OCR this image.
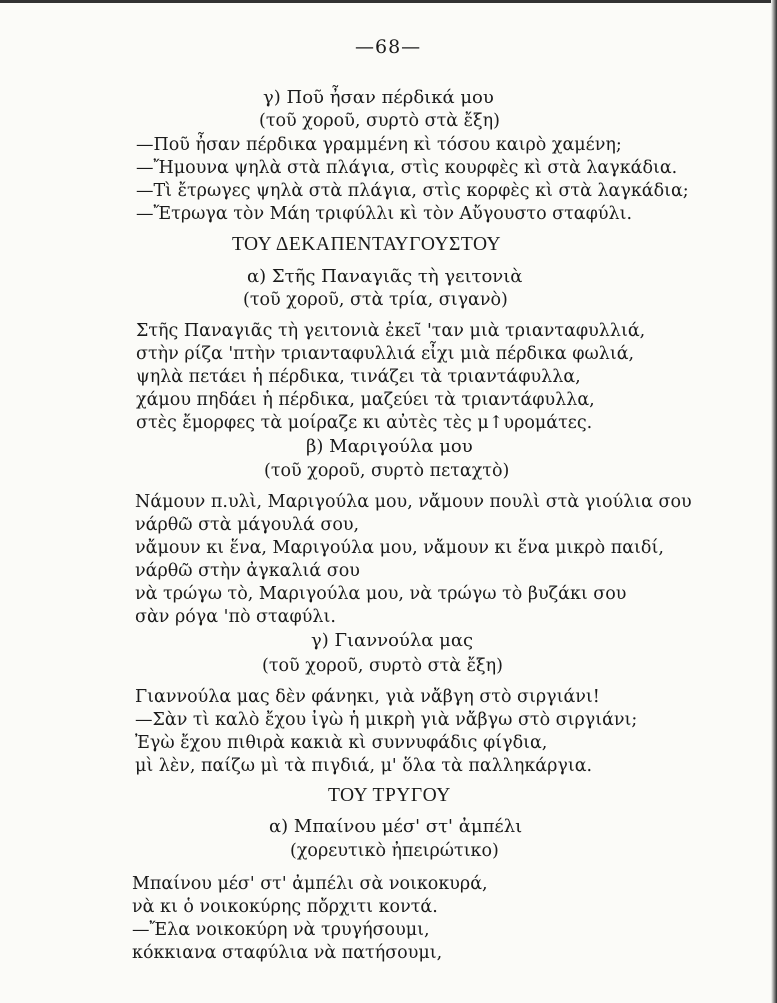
—68—
γ) Ποῦ ἦσαν πέρδικά μου
(τοῦ χοροῦ, συρτὸ στὰ ἔξη)
—Ποῦ ἦσαν πέρδικα γραμμένη κὶ τόσου καιρὸ χαμένη;
—Ἤμουνα ψηλὰ στὰ πλάγια, στὶς κουρφὲς κὶ στὰ λαγκάδια.
—Τὶ ἔτρωγες ψηλὰ στὰ πλάγια, στὶς κορφὲς κὶ στὰ λαγκάδια;
—Ἔτρωγα τὸν Μάη τριφύλλι κὶ τὸν Αὔγουστο σταφύλι.
ΤΟΥ ΔΕΚΑΠΕΝΤΑΥΓΟΥΣΤΟΥ
α) Στῆς Παναγιᾶς τὴ γειτονιὰ
(τοῦ χοροῦ, στὰ τρία, σιγανὸ)
Στῆς Παναγιᾶς τὴ γειτονιὰ ἐκεῖ 'ταν μιὰ τριανταφυλλιά,
στὴν ρίζα 'πτὴν τριανταφυλλιά εἶχι μιὰ πέρδικα φωλιά,
ψηλὰ πετάει ἡ πέρδικα, τινάζει τὰ τριαντάφυλλα,
χάμου πηδάει ἡ πέρδικα, μαζεύει τὰ τριαντάφυλλα,
στὲς ἔμορφες τὰ μοίραζε κι αὐτὲς τὲς μ↑υρομάτες.
β) Μαριγούλα μου
(τοῦ χοροῦ, συρτὸ πεταχτὸ)
Νάμουν π.υλὶ, Μαριγούλα μου, νἄμουν πουλὶ στὰ γιούλια σου
νάρθῶ στὰ μάγουλά σου,
νἄμουν κι ἕνα, Μαριγούλα μου, νἄμουν κι ἕνα μικρὸ παιδί,
νάρθῶ στὴν ἀγκαλιά σου
νὰ τρώγω τὸ, Μαριγούλα μου, νὰ τρώγω τὸ βυζάκι σου
σὰν ρόγα 'πὸ σταφύλι.
γ) Γιαννούλα μας
(τοῦ χοροῦ, συρτὸ στὰ ἔξη)
Γιαννούλα μας δὲν φάνηκι, γιὰ νἄβγη στὸ σιργιάνι!
—Σὰν τὶ καλὸ ἔχου ἰγὼ ἡ μικρὴ γιὰ νἄβγω στὸ σιργιάνι;
Ἐγὼ ἔχου πιθιρὰ κακιὰ κὶ συννυφάδις φίγδια,
μὶ λὲν, παίζω μὶ τὰ πιγδιά, μ' ὅλα τὰ παλληκάργια.
ΤΟΥ ΤΡΥΓΟΥ
α) Μπαίνου μέσ' στ' ἀμπέλι
(χορευτικὸ ἠπειρώτικο)
Μπαίνου μέσ' στ' ἀμπέλι σὰ νοικοκυρά,
νὰ κι ὁ νοικοκύρης πὄρχιτι κοντά.
—Ἔλα νοικοκύρη νὰ τρυγήσουμι,
κόκκιανα σταφύλια νὰ πατήσουμι,
